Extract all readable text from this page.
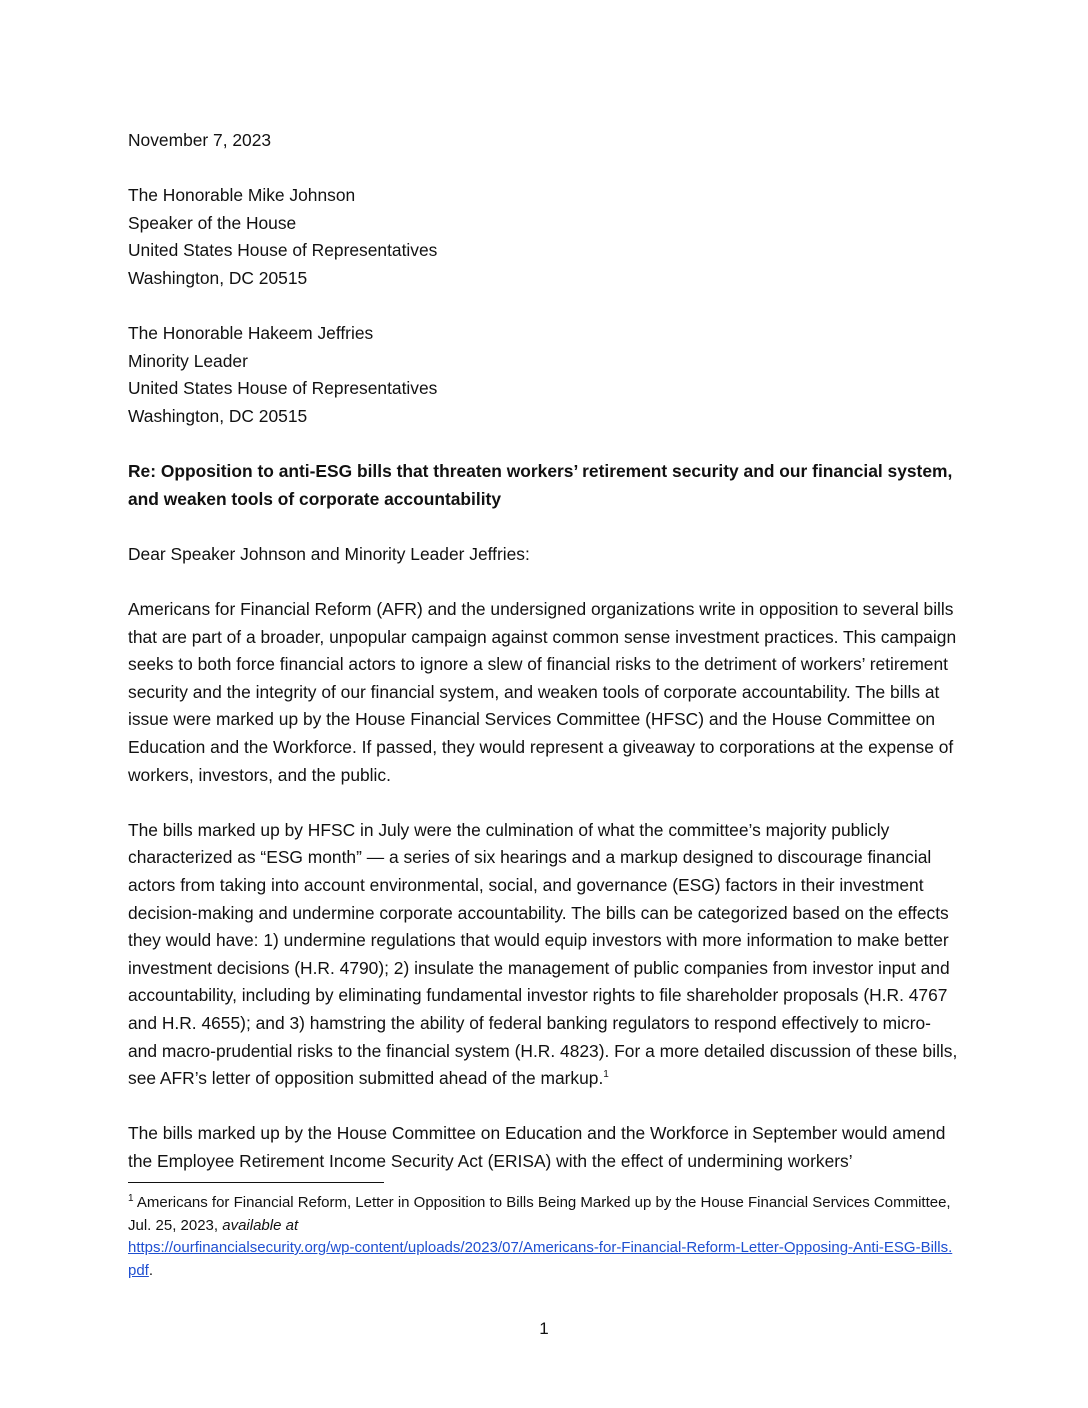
November 7, 2023

The Honorable Mike Johnson
Speaker of the House
United States House of Representatives
Washington, DC 20515

The Honorable Hakeem Jeffries
Minority Leader
United States House of Representatives
Washington, DC 20515

Re: Opposition to anti-ESG bills that threaten workers’ retirement security and our financial system, and weaken tools of corporate accountability

Dear Speaker Johnson and Minority Leader Jeffries:

Americans for Financial Reform (AFR) and the undersigned organizations write in opposition to several bills that are part of a broader, unpopular campaign against common sense investment practices. This campaign seeks to both force financial actors to ignore a slew of financial risks to the detriment of workers’ retirement security and the integrity of our financial system, and weaken tools of corporate accountability. The bills at issue were marked up by the House Financial Services Committee (HFSC) and the House Committee on Education and the Workforce. If passed, they would represent a giveaway to corporations at the expense of workers, investors, and the public.

The bills marked up by HFSC in July were the culmination of what the committee’s majority publicly characterized as “ESG month” — a series of six hearings and a markup designed to discourage financial actors from taking into account environmental, social, and governance (ESG) factors in their investment decision-making and undermine corporate accountability. The bills can be categorized based on the effects they would have: 1) undermine regulations that would equip investors with more information to make better investment decisions (H.R. 4790); 2) insulate the management of public companies from investor input and accountability, including by eliminating fundamental investor rights to file shareholder proposals (H.R. 4767 and H.R. 4655); and 3) hamstring the ability of federal banking regulators to respond effectively to micro- and macro-prudential risks to the financial system (H.R. 4823). For a more detailed discussion of these bills, see AFR’s letter of opposition submitted ahead of the markup.$^1$

The bills marked up by the House Committee on Education and the Workforce in September would amend the Employee Retirement Income Security Act (ERISA) with the effect of undermining workers’

$^1$ Americans for Financial Reform, Letter in Opposition to Bills Being Marked up by the House Financial Services Committee, Jul. 25, 2023, available at
https://ourfinancialsecurity.org/wp-content/uploads/2023/07/Americans-for-Financial-Reform-Letter-Opposing-Anti-ESG-Bills.pdf.
1
